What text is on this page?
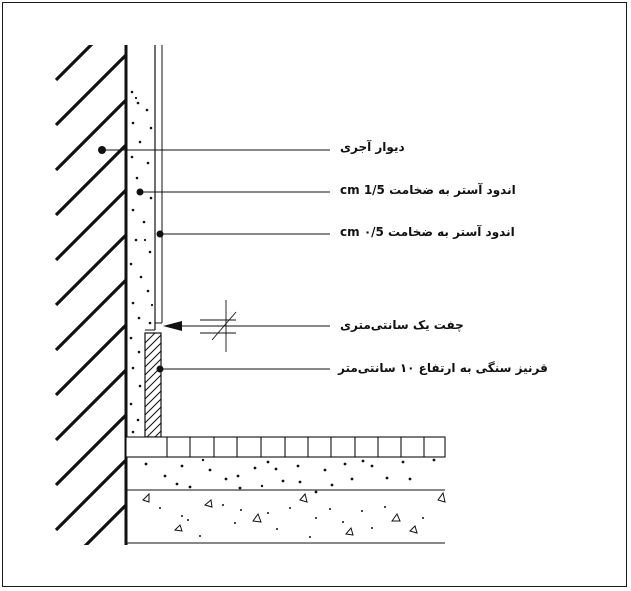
دیوار آجری
اندود آستر به ضخامت 1/5 cm
اندود آستر به ضخامت ۰/5 cm
چفت یک سانتی‌متری
قرنیز سنگی به ارتفاع ۱۰ سانتی‌متر
